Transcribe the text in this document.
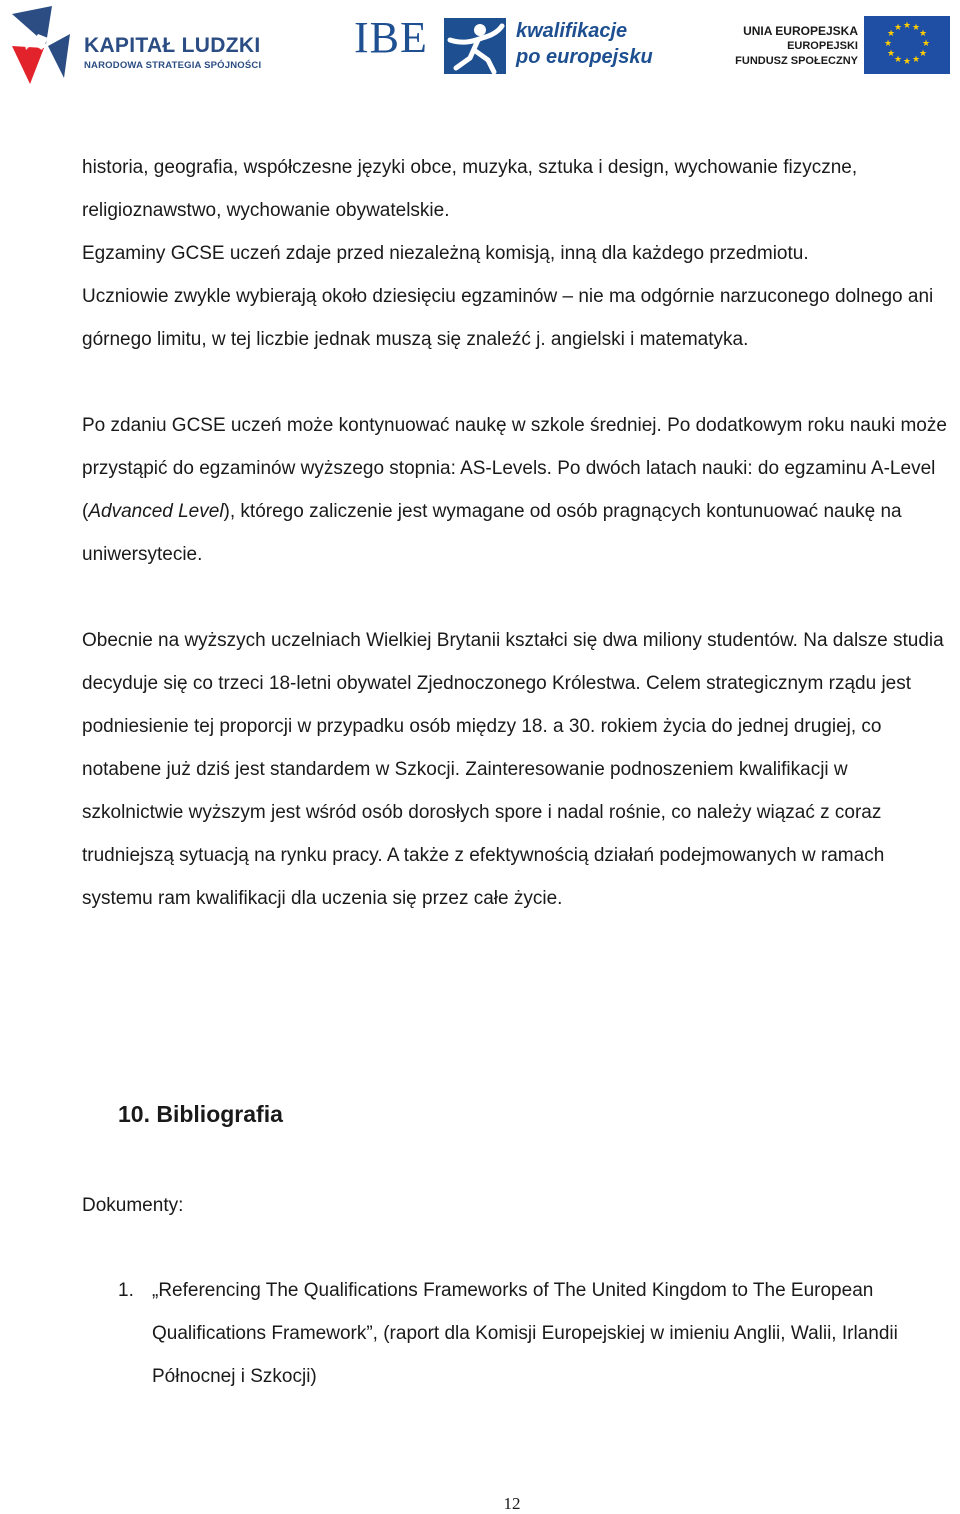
KAPITAŁ LUDZKI
NARODOWA STRATEGIA SPÓJNOŚCI
IBE	kwalifikacje
po europejsku
UNIA EUROPEJSKA
EUROPEJSKI
FUNDUSZ SPOŁECZNY
★ ★
★
★
★
★
★
★
★
★
★
★

historia, geografia, współczesne języki obce, muzyka, sztuka i design, wychowanie fizyczne, religioznawstwo, wychowanie obywatelskie.

Egzaminy GCSE uczeń zdaje przed niezależną komisją, inną dla każdego przedmiotu.

Uczniowie zwykle wybierają około dziesięciu egzaminów – nie ma odgórnie narzuconego dolnego ani górnego limitu, w tej liczbie jednak muszą się znaleźć j. angielski i matematyka.

Po zdaniu GCSE uczeń może kontynuować naukę w szkole średniej. Po dodatkowym roku nauki może przystąpić do egzaminów wyższego stopnia: AS-Levels. Po dwóch latach nauki: do egzaminu A-Level (Advanced Level), którego zaliczenie jest wymagane od osób pragnących kontunuować naukę na uniwersytecie.

Obecnie na wyższych uczelniach Wielkiej Brytanii kształci się dwa miliony studentów. Na dalsze studia decyduje się co trzeci 18-letni obywatel Zjednoczonego Królestwa. Celem strategicznym rządu jest podniesienie tej proporcji w przypadku osób między 18. a 30. rokiem życia do jednej drugiej, co notabene już dziś jest standardem w Szkocji. Zainteresowanie podnoszeniem kwalifikacji w szkolnictwie wyższym jest wśród osób dorosłych spore i nadal rośnie, co należy wiązać z coraz trudniejszą sytuacją na rynku pracy. A także z efektywnością działań podejmowanych w ramach systemu ram kwalifikacji dla uczenia się przez całe życie.

10. Bibliografia

Dokumenty:

1. „Referencing The Qualifications Frameworks of The United Kingdom to The European Qualifications Framework”, (raport dla Komisji Europejskiej w imieniu Anglii, Walii, Irlandii Północnej i Szkocji)
12
